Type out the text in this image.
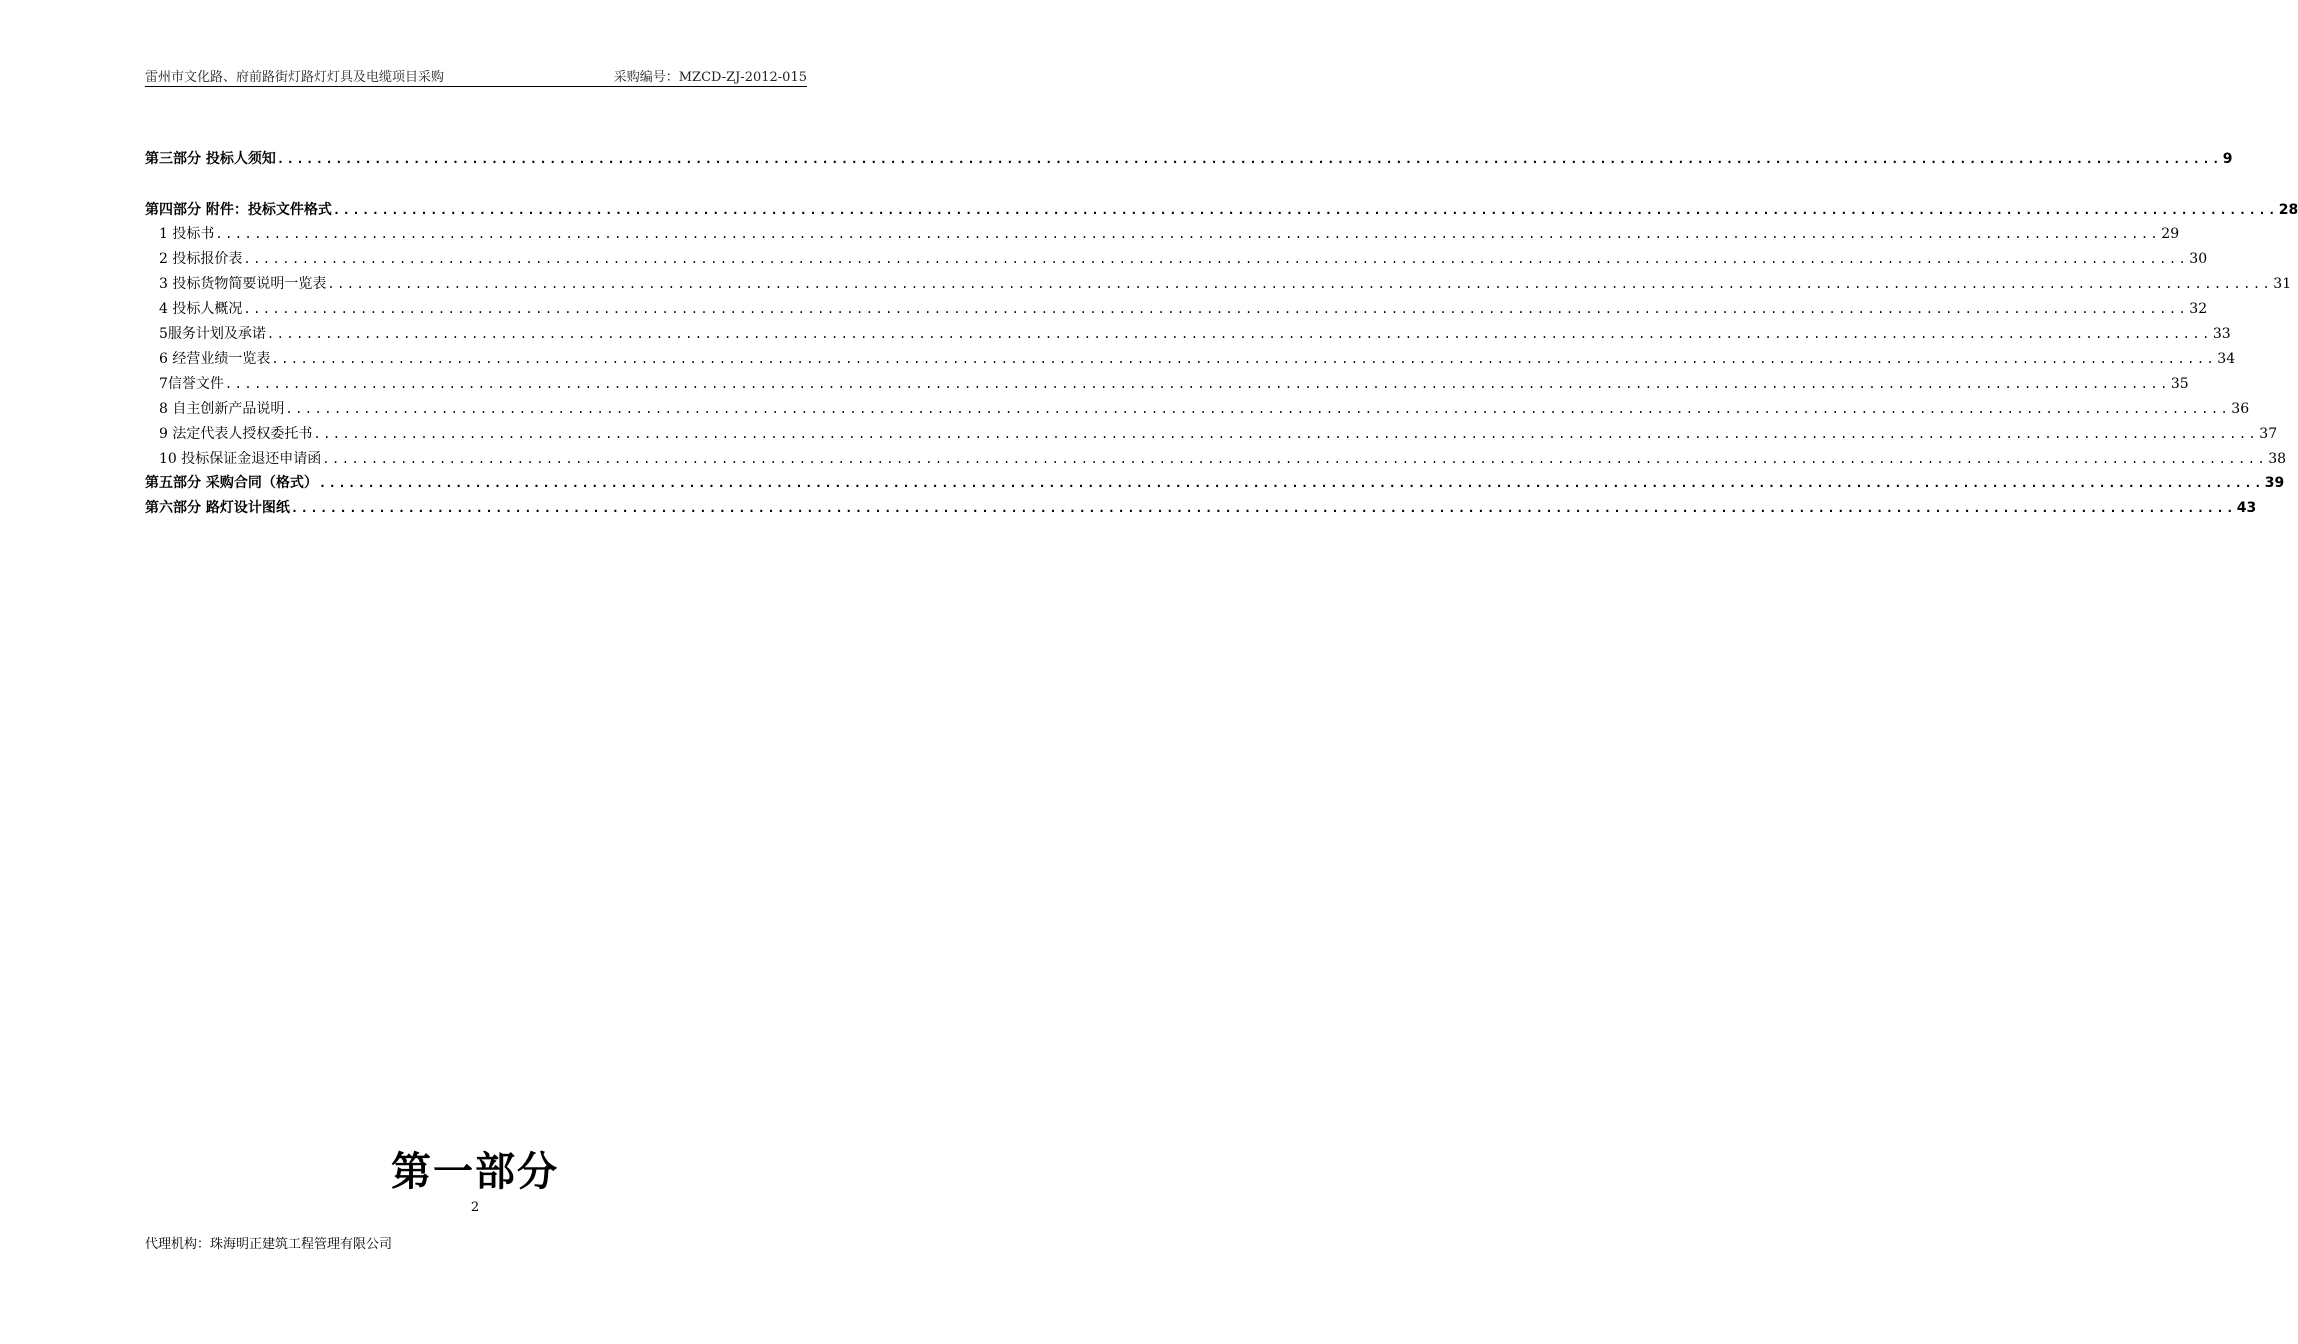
雷州市文化路、府前路街灯路灯灯具及电缆项目采购	采购编号：MZCD-ZJ-2012-015
第三部分 投标人须知 ........................................................................................................................................................................................................ 9
第四部分 附件：投标文件格式 ........................................................................................................................................................................................................ 28
1 投标书 ........................................................................................................................................................................................................ 29
2 投标报价表 ........................................................................................................................................................................................................ 30
3 投标货物简要说明一览表 ........................................................................................................................................................................................................ 31
4 投标人概况 ........................................................................................................................................................................................................ 32
5服务计划及承诺 ........................................................................................................................................................................................................ 33
6 经营业绩一览表 ........................................................................................................................................................................................................ 34
7信誉文件 ........................................................................................................................................................................................................ 35
8 自主创新产品说明 ........................................................................................................................................................................................................ 36
9 法定代表人授权委托书 ........................................................................................................................................................................................................ 37
10 投标保证金退还申请函 ........................................................................................................................................................................................................ 38
第五部分 采购合同（格式） ........................................................................................................................................................................................................ 39
第六部分 路灯设计图纸 ........................................................................................................................................................................................................ 43
第一部分
2
代理机构：珠海明正建筑工程管理有限公司
